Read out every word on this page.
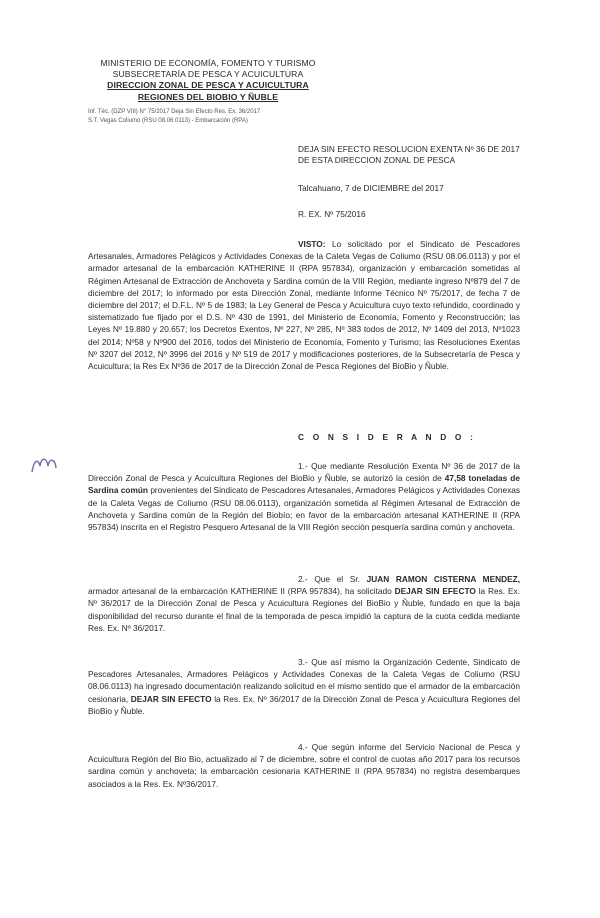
MINISTERIO DE ECONOMÍA, FOMENTO Y TURISMO
SUBSECRETARÍA DE PESCA Y ACUICULTURA
DIRECCION ZONAL DE PESCA Y ACUICULTURA
REGIONES DEL BIOBIO Y ÑUBLE
Inf. Téc. (DZP VIII) N° 75/2017 Deja Sin Efecto Res. Ex. 36/2017
S.T. Vegas Coliumo (RSU 08.06.0113) - Embarcación (RPA)
DEJA SIN EFECTO RESOLUCION EXENTA Nº 36 DE 2017 DE ESTA DIRECCION ZONAL DE PESCA
Talcahuano, 7 de DICIEMBRE del 2017
R. EX. Nº 75/2016
VISTO: Lo solicitado por el Sindicato de Pescadores Artesanales, Armadores Pelágicos y Actividades Conexas de la Caleta Vegas de Coliumo (RSU 08.06.0113) y por el armador artesanal de la embarcación KATHERINE II (RPA 957834), organización y embarcación sometidas al Régimen Artesanal de Extracción de Anchoveta y Sardina común de la VIII Región, mediante ingreso Nº879 del 7 de diciembre del 2017; lo informado por esta Dirección Zonal, mediante Informe Técnico Nº 75/2017, de fecha 7 de diciembre del 2017; el D.F.L. Nº 5 de 1983; la Ley General de Pesca y Acuicultura cuyo texto refundido, coordinado y sistematizado fue fijado por el D.S. Nº 430 de 1991, del Ministerio de Economía, Fomento y Reconstrucción; las Leyes Nº 19.880 y 20.657; los Decretos Exentos, Nº 227, Nº 285, Nº 383 todos de 2012, Nº 1409 del 2013, Nº1023 del 2014; Nº58 y Nº900 del 2016, todos del Ministerio de Economía, Fomento y Turismo; las Resoluciones Exentas Nº 3207 del 2012, Nº 3996 del 2016 y Nº 519 de 2017 y modificaciones posteriores, de la Subsecretaría de Pesca y Acuicultura; la Res Ex Nº36 de 2017 de la Dirección Zonal de Pesca Regiones del BioBio y Ñuble.
C O N S I D E R A N D O :
1.- Que mediante Resolución Exenta Nº 36 de 2017 de la Dirección Zonal de Pesca y Acuicultura Regiones del BioBio y Ñuble, se autorizó la cesión de 47,58 toneladas de Sardina común provenientes del Sindicato de Pescadores Artesanales, Armadores Pelágicos y Actividades Conexas de la Caleta Vegas de Coliumo (RSU 08.06.0113), organización sometida al Régimen Artesanal de Extracción de Anchoveta y Sardina común de la Región del Biobío; en favor de la embarcación artesanal KATHERINE II (RPA 957834) inscrita en el Registro Pesquero Artesanal de la VIII Región sección pesquería sardina común y anchoveta.
2.- Que el Sr. JUAN RAMON CISTERNA MENDEZ, armador artesanal de la embarcación KATHERINE II (RPA 957834), ha solicitado DEJAR SIN EFECTO la Res. Ex. Nº 36/2017 de la Dirección Zonal de Pesca y Acuicultura Regiones del BioBio y Ñuble, fundado en que la baja disponibilidad del recurso durante el final de la temporada de pesca impidió la captura de la cuota cedida mediante Res. Ex. Nº 36/2017.
3.- Que así mismo la Organización Cedente, Sindicato de Pescadores Artesanales, Armadores Pelágicos y Actividades Conexas de la Caleta Vegas de Coliumo (RSU 08.06.0113) ha ingresado documentación realizando solicitud en el mismo sentido que el armador de la embarcación cesionaria, DEJAR SIN EFECTO la Res. Ex. Nº 36/2017 de la Dirección Zonal de Pesca y Acuicultura Regiones del BioBio y Ñuble.
4.- Que según informe del Servicio Nacional de Pesca y Acuicultura Región del Bio Bio, actualizado al 7 de diciembre, sobre el control de cuotas año 2017 para los recursos sardina común y anchoveta; la embarcación cesionaria KATHERINE II (RPA 957834) no registra desembarques asociados a la Res. Ex. Nº36/2017.
